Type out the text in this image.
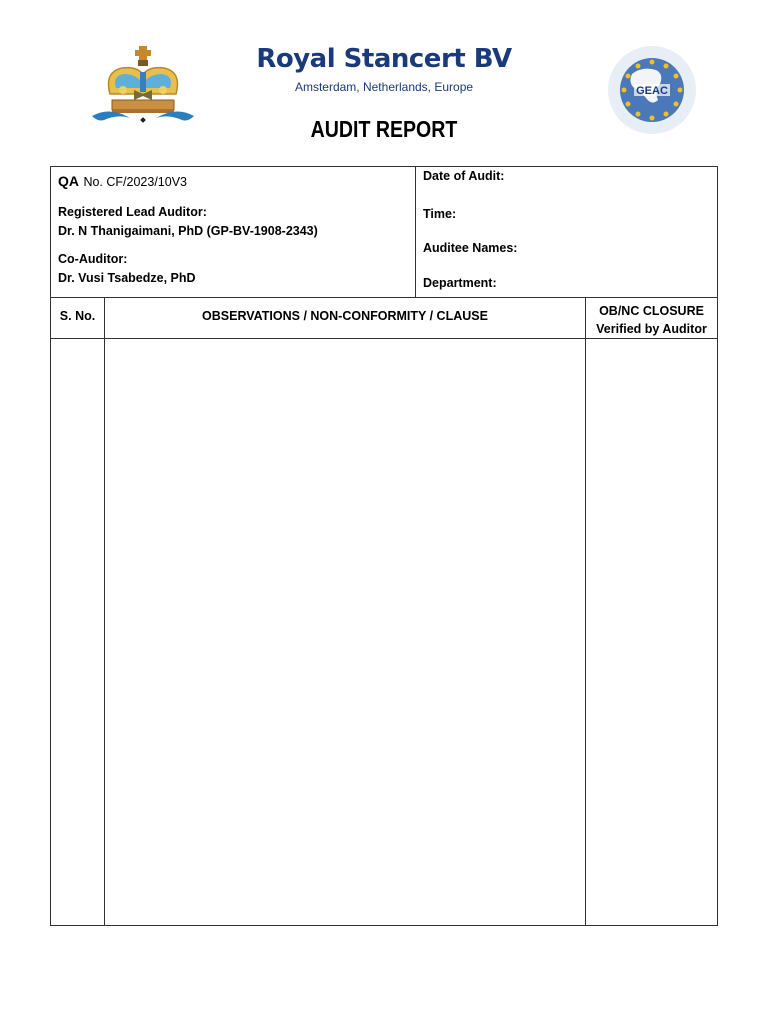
Royal Stancert BV
Amsterdam, Netherlands, Europe
AUDIT REPORT
GEAC
QA No. CF/2023/10V3
Registered Lead Auditor:
Dr. N Thanigaimani, PhD (GP-BV-1908-2343)
Co-Auditor:
Dr. Vusi Tsabedze, PhD
Date of Audit:
Time:
Auditee Names:
Department:
S. No.	OBSERVATIONS / NON-CONFORMITY / CLAUSE	OB/NC CLOSURE
Verified by Auditor
